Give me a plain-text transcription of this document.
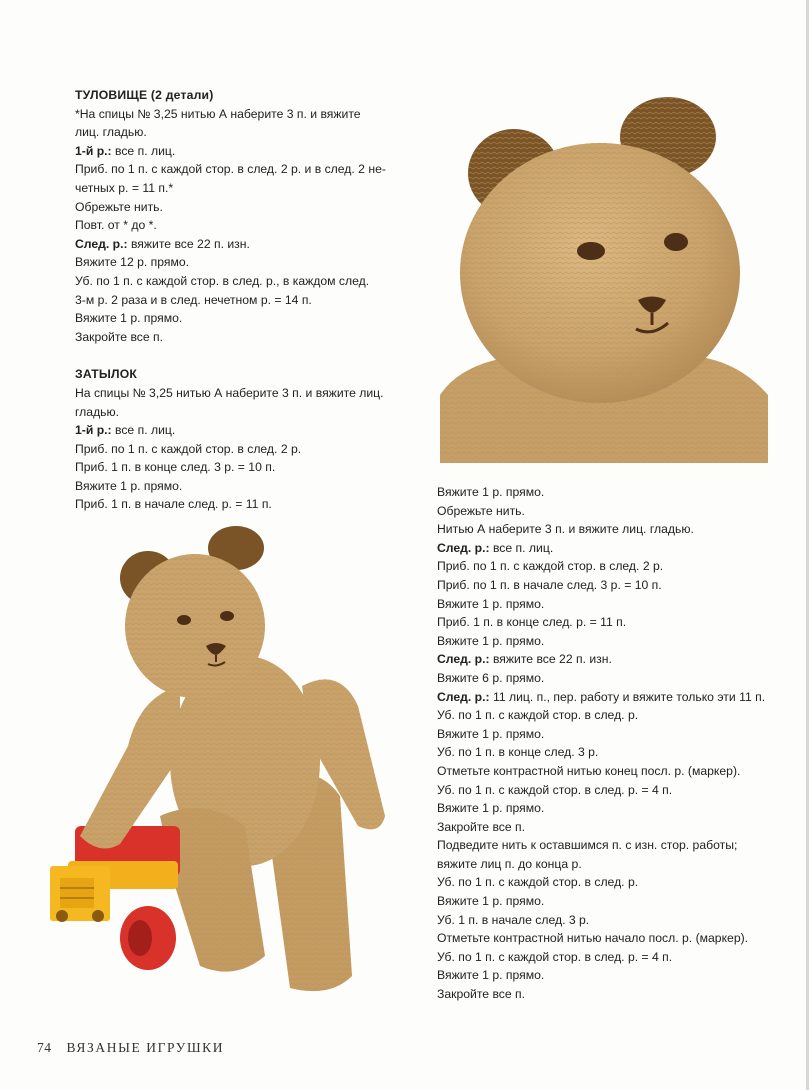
ТУЛОВИЩЕ (2 детали)
*На спицы № 3,25 нитью А наберите 3 п. и вяжите
лиц. гладью.
1-й р.: все п. лиц.
Приб. по 1 п. с каждой стор. в след. 2 р. и в след. 2 не-
четных р. = 11 п.*
Обрежьте нить.
Повт. от * до *.
След. р.: вяжите все 22 п. изн.
Вяжите 12 р. прямо.
Уб. по 1 п. с каждой стор. в след. р., в каждом след.
3-м р. 2 раза и в след. нечетном р. = 14 п.
Вяжите 1 р. прямо.
Закройте все п.
ЗАТЫЛОК
На спицы № 3,25 нитью А наберите 3 п. и вяжите лиц.
гладью.
1-й р.: все п. лиц.
Приб. по 1 п. с каждой стор. в след. 2 р.
Приб. 1 п. в конце след. 3 р. = 10 п.
Вяжите 1 р. прямо.
Приб. 1 п. в начале след. р. = 11 п.
Вяжите 1 р. прямо.
Обрежьте нить.
Нитью А наберите 3 п. и вяжите лиц. гладью.
След. р.: все п. лиц.
Приб. по 1 п. с каждой стор. в след. 2 р.
Приб. по 1 п. в начале след. 3 р. = 10 п.
Вяжите 1 р. прямо.
Приб. 1 п. в конце след. р. = 11 п.
Вяжите 1 р. прямо.
След. р.: вяжите все 22 п. изн.
Вяжите 6 р. прямо.
След. р.: 11 лиц. п., пер. работу и вяжите только эти 11 п.
Уб. по 1 п. с каждой стор. в след. р.
Вяжите 1 р. прямо.
Уб. по 1 п. в конце след. 3 р.
Отметьте контрастной нитью конец посл. р. (маркер).
Уб. по 1 п. с каждой стор. в след. р. = 4 п.
Вяжите 1 р. прямо.
Закройте все п.
Подведите нить к оставшимся п. с изн. стор. работы;
вяжите лиц п. до конца р.
Уб. по 1 п. с каждой стор. в след. р.
Вяжите 1 р. прямо.
Уб. 1 п. в начале след. 3 р.
Отметьте контрастной нитью начало посл. р. (маркер).
Уб. по 1 п. с каждой стор. в след. р. = 4 п.
Вяжите 1 р. прямо.
Закройте все п.
74 ВЯЗАНЫЕ ИГРУШКИ
